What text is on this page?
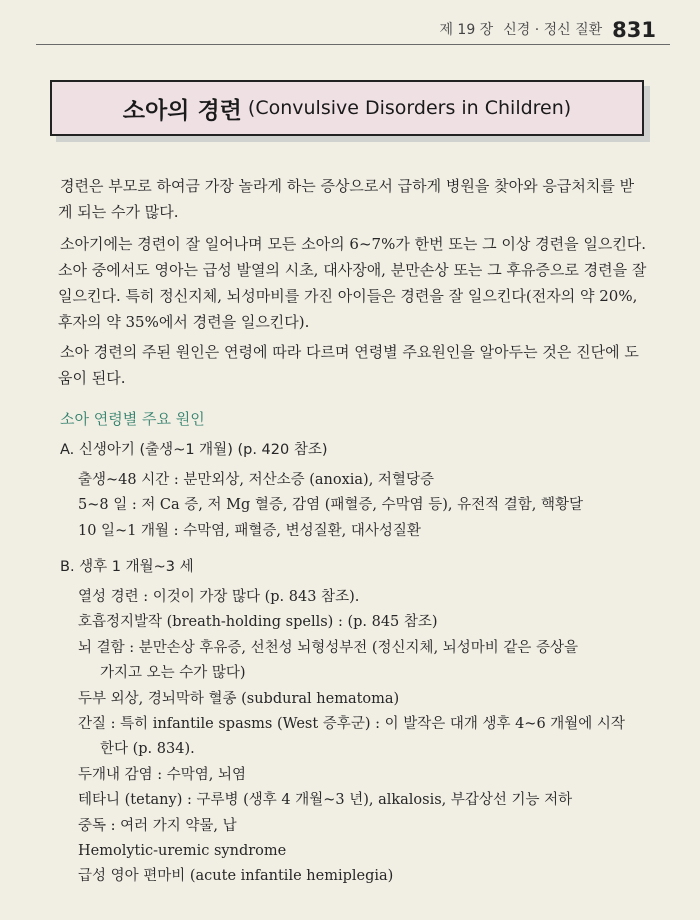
제 19 장 신경 · 정신 질환 831
소아의 경련 (Convulsive Disorders in Children)

경련은 부모로 하여금 가장 놀라게 하는 증상으로서 급하게 병원을 찾아와 응급처치를 받게 되는 수가 많다.

소아기에는 경련이 잘 일어나며 모든 소아의 6~7%가 한번 또는 그 이상 경련을 일으킨다. 소아 중에서도 영아는 급성 발열의 시초, 대사장애, 분만손상 또는 그 후유증으로 경련을 잘 일으킨다. 특히 정신지체, 뇌성마비를 가진 아이들은 경련을 잘 일으킨다(전자의 약 20%, 후자의 약 35%에서 경련을 일으킨다).

소아 경련의 주된 원인은 연령에 따라 다르며 연령별 주요원인을 알아두는 것은 진단에 도움이 된다.

소아 연령별 주요 원인
A. 신생아기 (출생~1 개월) (p. 420 참조)
출생~48 시간 : 분만외상, 저산소증 (anoxia), 저혈당증
5~8 일 : 저 Ca 증, 저 Mg 혈증, 감염 (패혈증, 수막염 등), 유전적 결함, 핵황달
10 일~1 개월 : 수막염, 패혈증, 변성질환, 대사성질환
B. 생후 1 개월~3 세
열성 경련 : 이것이 가장 많다 (p. 843 참조).
호흡정지발작 (breath-holding spells) : (p. 845 참조)
뇌 결함 : 분만손상 후유증, 선천성 뇌형성부전 (정신지체, 뇌성마비 같은 증상을
가지고 오는 수가 많다)
두부 외상, 경뇌막하 혈종 (subdural hematoma)
간질 : 특히 infantile spasms (West 증후군) : 이 발작은 대개 생후 4~6 개월에 시작
한다 (p. 834).
두개내 감염 : 수막염, 뇌염
테타니 (tetany) : 구루병 (생후 4 개월~3 년), alkalosis, 부갑상선 기능 저하
중독 : 여러 가지 약물, 납
Hemolytic-uremic syndrome
급성 영아 편마비 (acute infantile hemiplegia)
